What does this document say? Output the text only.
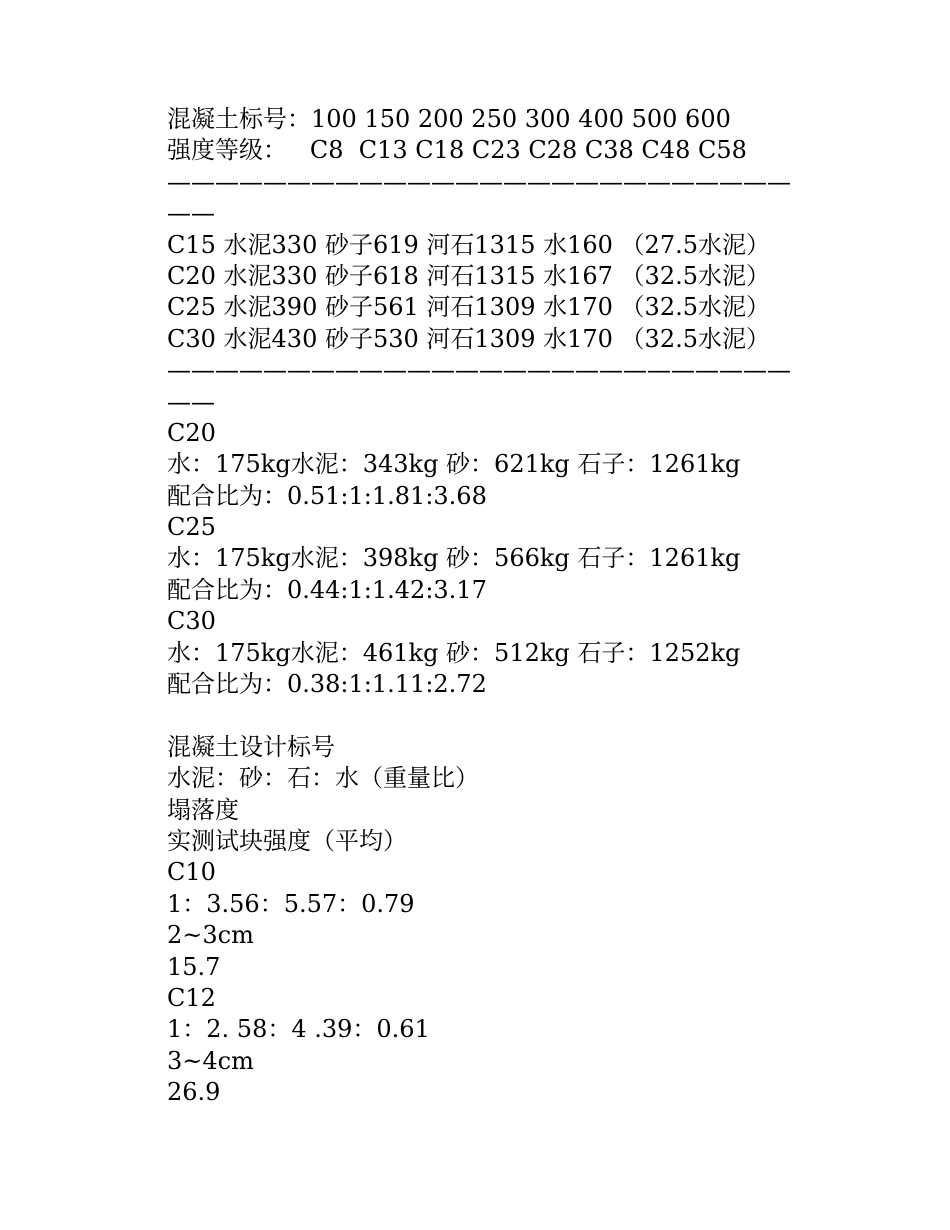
混凝土标号：100 150 200 250 300 400 500 600
强度等级：   C8  C13 C18 C23 C28 C38 C48 C58
——————————————————————————
——
C15 水泥330 砂子619 河石1315 水160 （27.5水泥）
C20 水泥330 砂子618 河石1315 水167 （32.5水泥）
C25 水泥390 砂子561 河石1309 水170 （32.5水泥）
C30 水泥430 砂子530 河石1309 水170 （32.5水泥）
——————————————————————————
——
C20
水：175kg水泥：343kg 砂：621kg 石子：1261kg
配合比为：0.51:1:1.81:3.68
C25
水：175kg水泥：398kg 砂：566kg 石子：1261kg
配合比为：0.44:1:1.42:3.17
C30
水：175kg水泥：461kg 砂：512kg 石子：1252kg
配合比为：0.38:1:1.11:2.72
混凝土设计标号
水泥：砂：石：水（重量比）
塌落度
实测试块强度（平均）
C10
1：3.56：5.57：0.79
2~3cm
15.7
C12
1：2. 58：4 .39：0.61
3~4cm
26.9
